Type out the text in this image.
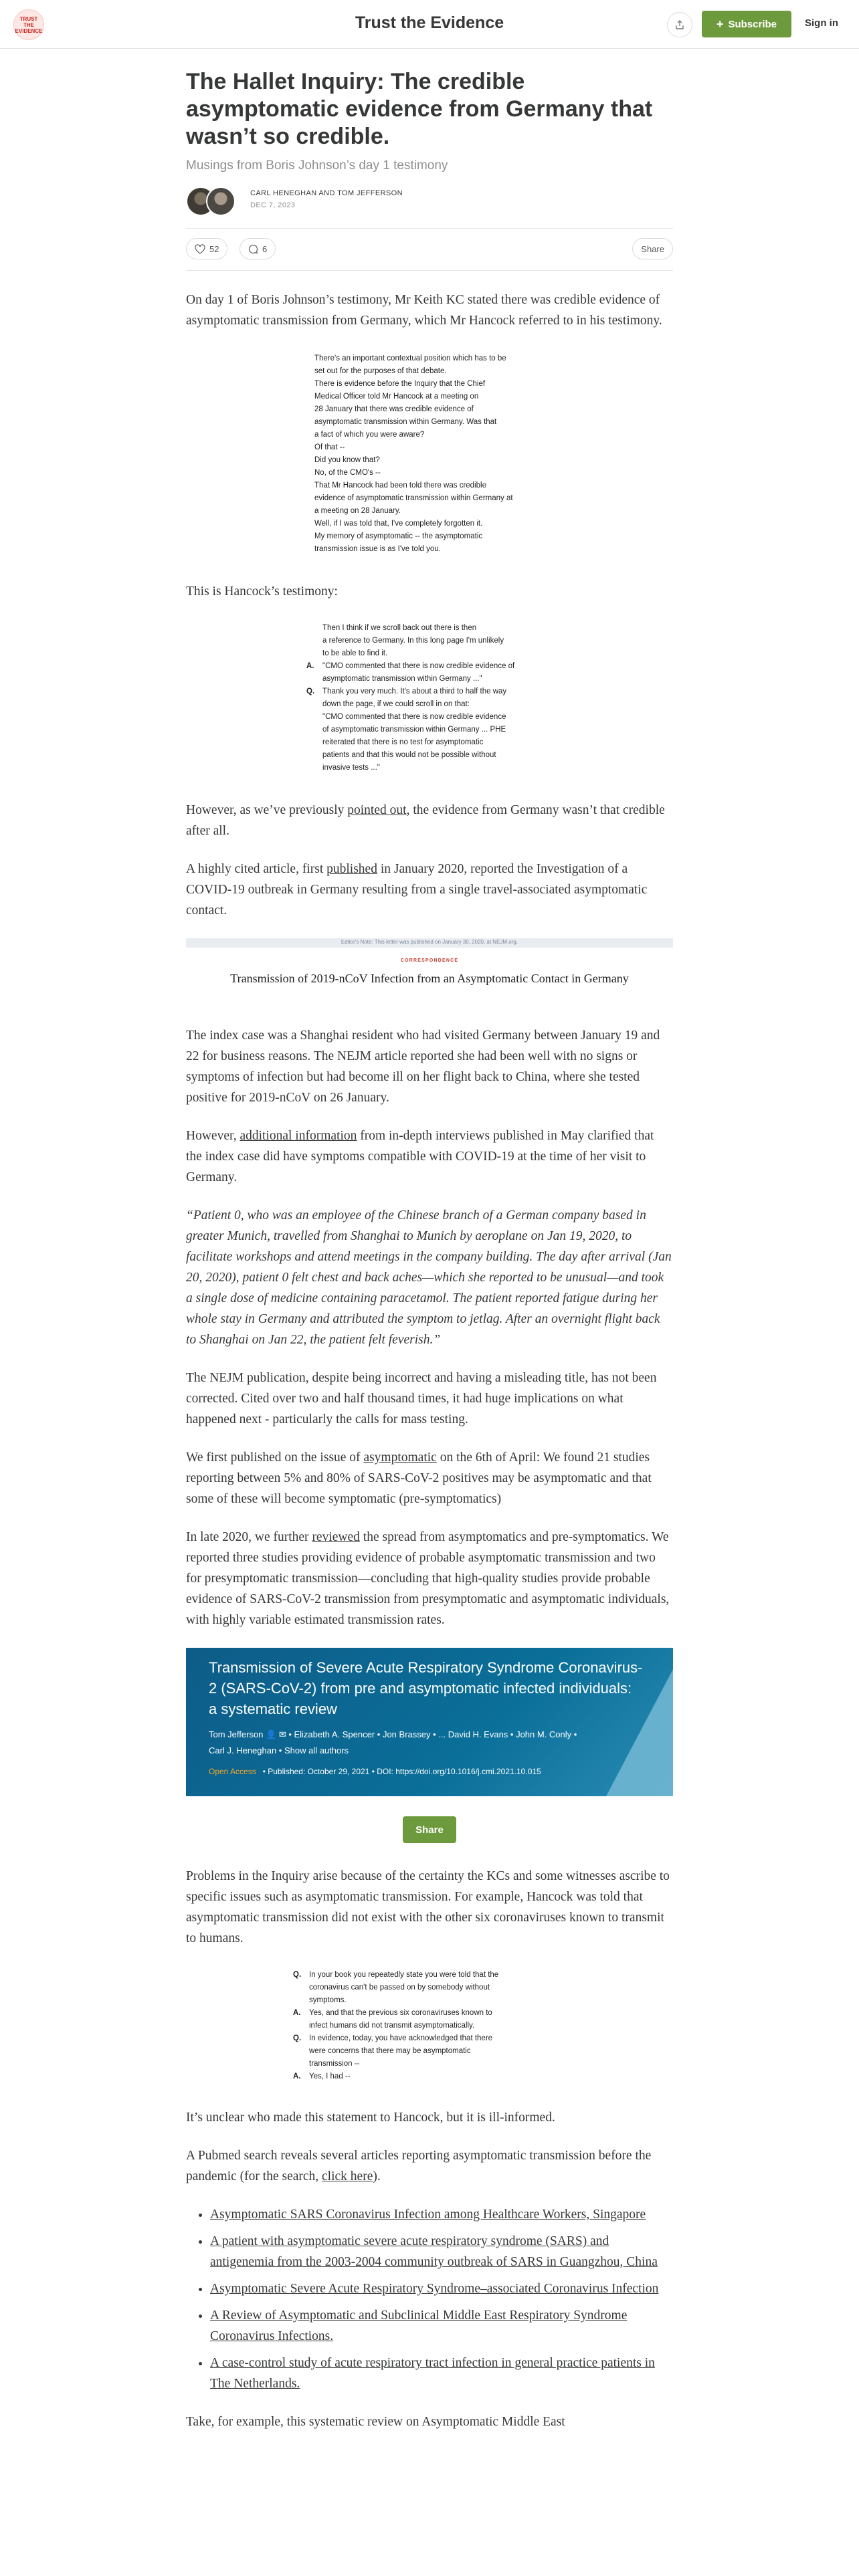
TRUST THE EVIDENCE	Trust the Evidence	+ Subscribe	Sign in
The Hallet Inquiry: The credible asymptomatic evidence from Germany that wasn’t so credible.
Musings from Boris Johnson’s day 1 testimony
CARL HENEGHAN AND TOM JEFFERSON
DEC 7, 2023
52	6	Share

On day 1 of Boris Johnson’s testimony, Mr Keith KC stated there was credible evidence of asymptomatic transmission from Germany, which Mr Hancock referred to in his testimony.

There's an important contextual position which has to be
set out for the purposes of that debate.
There is evidence before the Inquiry that the Chief
Medical Officer told Mr Hancock at a meeting on
28 January that there was credible evidence of
asymptomatic transmission within Germany. Was that
a fact of which you were aware?
Of that --
Did you know that?
No, of the CMO's --
That Mr Hancock had been told there was credible
evidence of asymptomatic transmission within Germany at
a meeting on 28 January.
Well, if I was told that, I've completely forgotten it.
My memory of asymptomatic -- the asymptomatic
transmission issue is as I've told you.

This is Hancock’s testimony:

Then I think if we scroll back out there is then
a reference to Germany. In this long page I'm unlikely
to be able to find it.
A.	"CMO commented that there is now credible evidence of
asymptomatic transmission within Germany ..."
Q.	Thank you very much. It's about a third to half the way
down the page, if we could scroll in on that:
"CMO commented that there is now credible evidence
of asymptomatic transmission within Germany ... PHE
reiterated that there is no test for asymptomatic
patients and that this would not be possible without
invasive tests ..."

However, as we’ve previously pointed out, the evidence from Germany wasn’t that credible after all.

A highly cited article, first published in January 2020, reported the Investigation of a COVID-19 outbreak in Germany resulting from a single travel-associated asymptomatic contact.

Editor's Note: This letter was published on January 30, 2020, at NEJM.org.
CORRESPONDENCE
Transmission of 2019-nCoV Infection from an Asymptomatic Contact in Germany

The index case was a Shanghai resident who had visited Germany between January 19 and 22 for business reasons. The NEJM article reported she had been well with no signs or symptoms of infection but had become ill on her flight back to China, where she tested positive for 2019-nCoV on 26 January.

However, additional information from in-depth interviews published in May clarified that the index case did have symptoms compatible with COVID-19 at the time of her visit to Germany.

“Patient 0, who was an employee of the Chinese branch of a German company based in greater Munich, travelled from Shanghai to Munich by aeroplane on Jan 19, 2020, to facilitate workshops and attend meetings in the company building. The day after arrival (Jan 20, 2020), patient 0 felt chest and back aches—which she reported to be unusual—and took a single dose of medicine containing paracetamol. The patient reported fatigue during her whole stay in Germany and attributed the symptom to jetlag. After an overnight flight back to Shanghai on Jan 22, the patient felt feverish.”

The NEJM publication, despite being incorrect and having a misleading title, has not been corrected. Cited over two and half thousand times, it had huge implications on what happened next - particularly the calls for mass testing.

We first published on the issue of asymptomatic on the 6th of April: We found 21 studies reporting between 5% and 80% of SARS-CoV-2 positives may be asymptomatic and that some of these will become symptomatic (pre-symptomatics)

In late 2020, we further reviewed the spread from asymptomatics and pre-symptomatics. We reported three studies providing evidence of probable asymptomatic transmission and two for presymptomatic transmission—concluding that high-quality studies provide probable evidence of SARS-CoV-2 transmission from presymptomatic and asymptomatic individuals, with highly variable estimated transmission rates.

Transmission of Severe Acute Respiratory Syndrome Coronavirus-2 (SARS-CoV-2) from pre and asymptomatic infected individuals: a systematic review
Tom Jefferson 👤 ✉ • Elizabeth A. Spencer • Jon Brassey • ... David H. Evans • John M. Conly •
Carl J. Heneghan • Show all authors
Open Access • Published: October 29, 2021 • DOI: https://doi.org/10.1016/j.cmi.2021.10.015
Share

Problems in the Inquiry arise because of the certainty the KCs and some witnesses ascribe to specific issues such as asymptomatic transmission. For example, Hancock was told that asymptomatic transmission did not exist with the other six coronaviruses known to transmit to humans.

Q.	In your book you repeatedly state you were told that the
coronavirus can't be passed on by somebody without
symptoms.
A.	Yes, and that the previous six coronaviruses known to
infect humans did not transmit asymptomatically.
Q.	In evidence, today, you have acknowledged that there
were concerns that there may be asymptomatic
transmission --
A.	Yes, I had --

It’s unclear who made this statement to Hancock, but it is ill-informed.

A Pubmed search reveals several articles reporting asymptomatic transmission before the pandemic (for the search, click here).

• Asymptomatic SARS Coronavirus Infection among Healthcare Workers, Singapore
• A patient with asymptomatic severe acute respiratory syndrome (SARS) and antigenemia from the 2003-2004 community outbreak of SARS in Guangzhou, China
• Asymptomatic Severe Acute Respiratory Syndrome–associated Coronavirus Infection
• A Review of Asymptomatic and Subclinical Middle East Respiratory Syndrome Coronavirus Infections.
• A case-control study of acute respiratory tract infection in general practice patients in The Netherlands.

Take, for example, this systematic review on Asymptomatic Middle East
